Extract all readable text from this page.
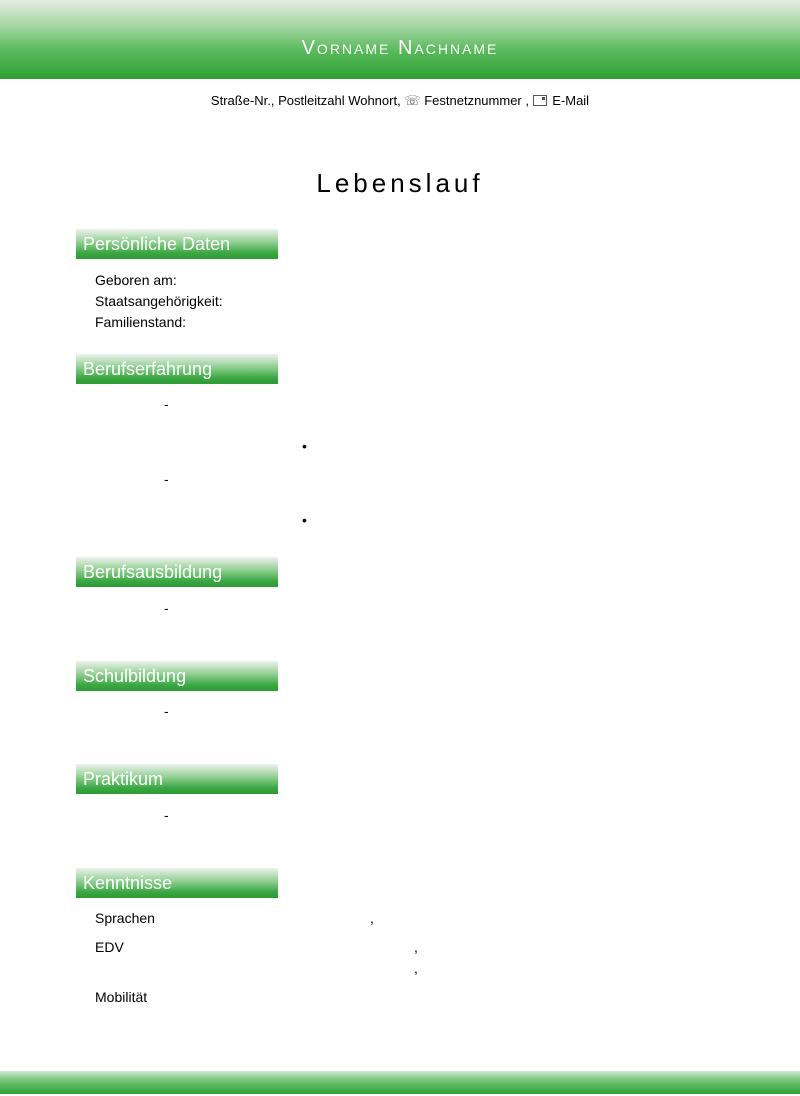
Vorname Nachname
Straße-Nr., Postleitzahl Wohnort, ☏ Festnetznummer , E-Mail
Lebenslauf
Persönliche Daten
Geboren am:
Staatsangehörigkeit:
Familienstand:
Berufserfahrung
-
•
-
•
Berufsausbildung
-
Schulbildung
-
Praktikum
-
Kenntnisse
Sprachen	,
EDV	,
,
Mobilität
